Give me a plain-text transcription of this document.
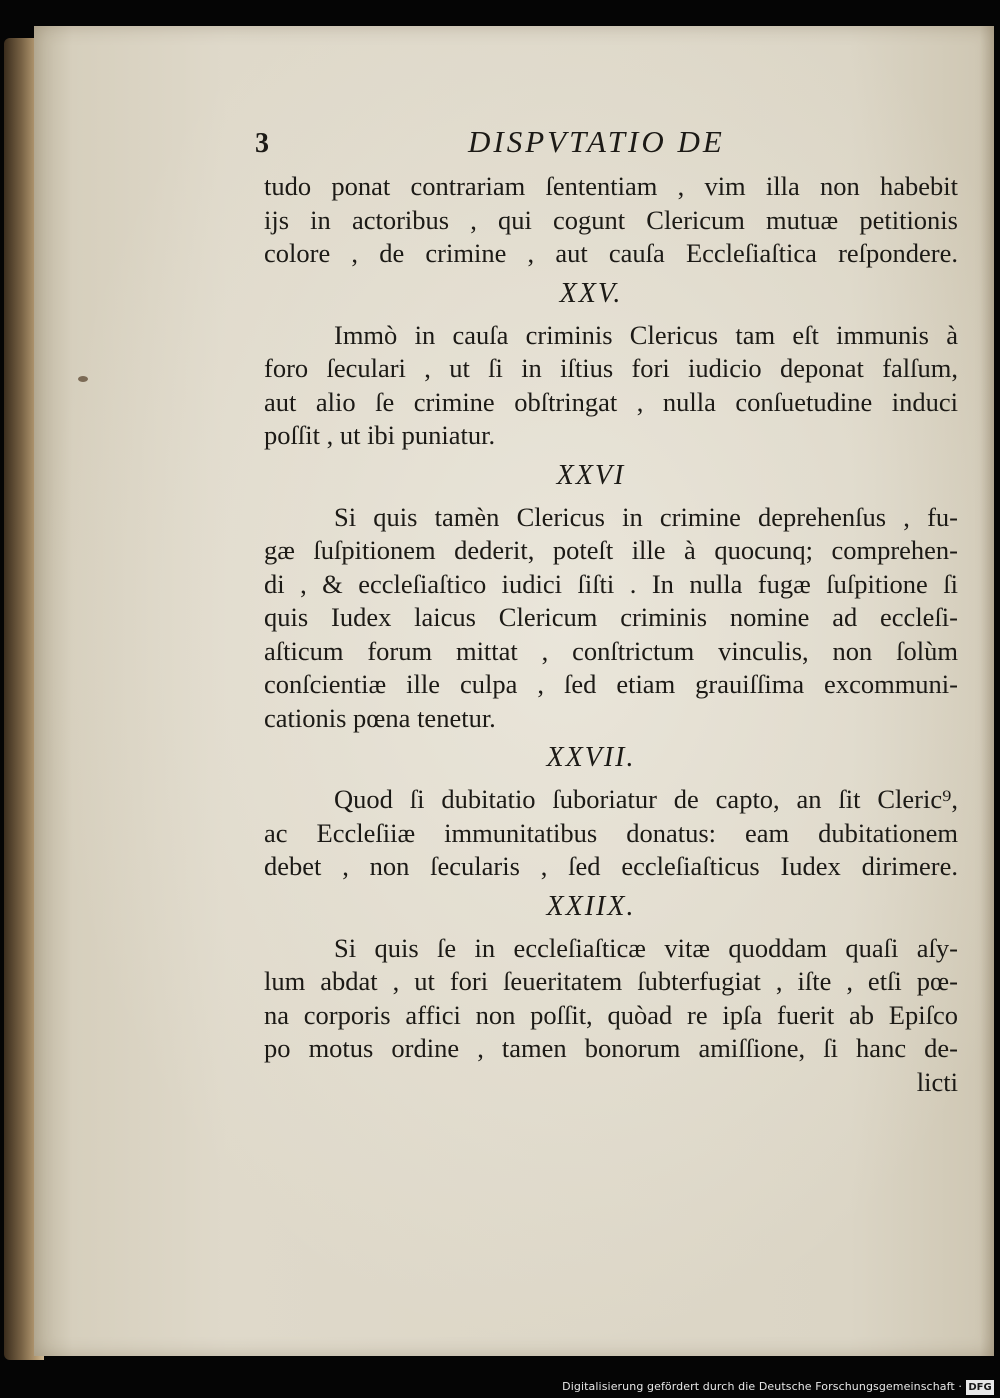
3	DISPVTATIO DE
tudo ponat contrariam ſententiam , vim illa non habebit
ijs in actoribus , qui cogunt Clericum mutuæ petitionis
colore , de crimine , aut cauſa Eccleſiaſtica reſpondere.
XXV.
Immò in cauſa criminis Clericus tam eſt immunis à
foro ſeculari , ut ſi in iſtius fori iudicio deponat falſum,
aut alio ſe crimine obſtringat , nulla conſuetudine induci
poſſit , ut ibi puniatur.
XXVI
Si quis tamèn Clericus in crimine deprehenſus , fu-
gæ ſuſpitionem dederit, poteſt ille à quocunq; comprehen-
di , & eccleſiaſtico iudici ſiſti . In nulla fugæ ſuſpitione ſi
quis Iudex laicus Clericum criminis nomine ad eccleſi-
aſticum forum mittat , conſtrictum vinculis, non ſolùm
conſcientiæ ille culpa , ſed etiam grauiſſima excommuni-
cationis pœna tenetur.
XXVII.
Quod ſi dubitatio ſuboriatur de capto, an ſit Cleric⁹,
ac Eccleſiiæ immunitatibus donatus: eam dubitationem
debet , non ſecularis , ſed eccleſiaſticus Iudex dirimere.
XXIIX.
Si quis ſe in eccleſiaſticæ vitæ quoddam quaſi aſy-
lum abdat , ut fori ſeueritatem ſubterfugiat , iſte , etſi pœ-
na corporis affici non poſſit, quòad re ipſa fuerit ab Epiſco
po motus ordine , tamen bonorum amiſſione, ſi hanc de-
licti
Digitalisierung gefördert durch die Deutsche Forschungsgemeinschaft · DFG
